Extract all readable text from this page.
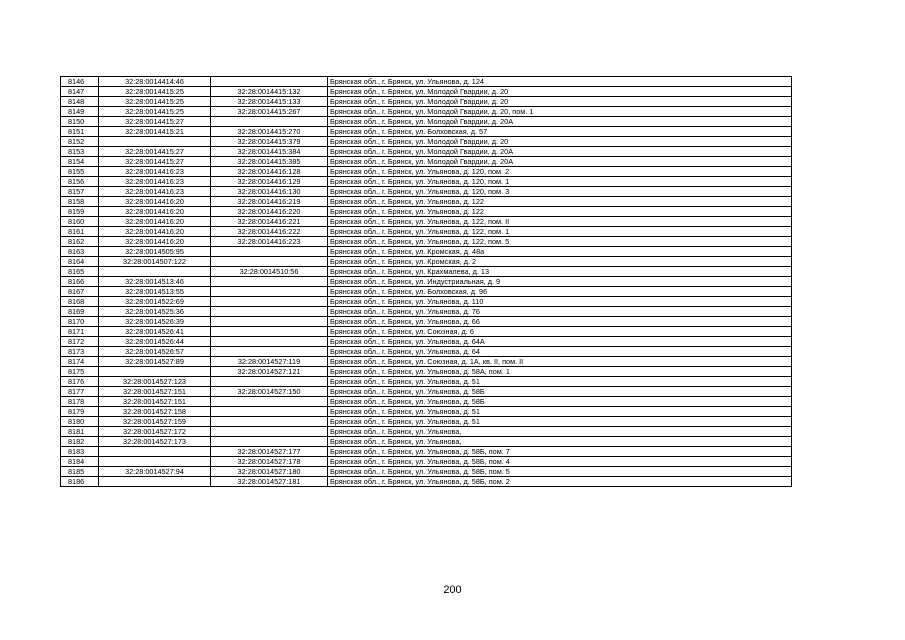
8146	32:28:0014414:46		Брянская обл., г. Брянск, ул. Ульянова, д. 124
8147	32:28:0014415:25	32:28:0014415:132	Брянская обл., г. Брянск, ул. Молодой Гвардии, д. 20
8148	32:28:0014415:25	32:28:0014415:133	Брянская обл., г. Брянск, ул. Молодой Гвардии, д. 20
8149	32:28:0014415:25	32:28:0014415:267	Брянская обл., г. Брянск, ул. Молодой Гвардии, д. 20, пом. 1
8150	32:28:0014415:27		Брянская обл., г. Брянск, ул. Молодой Гвардии, д. 20А
8151	32:28:0014415:21	32:28:0014415:270	Брянская обл., г. Брянск, ул. Болховская, д. 57
8152		32:28:0014415:379	Брянская обл., г. Брянск, ул. Молодой Гвардии, д. 20
8153	32:28:0014415:27	32:28:0014415:384	Брянская обл., г. Брянск, ул. Молодой Гвардии, д. 20А
8154	32:28:0014415:27	32:28:0014415:385	Брянская обл., г. Брянск, ул. Молодой Гвардии, д. 20А
8155	32:28:0014416:23	32:28:0014416:128	Брянская обл., г. Брянск, ул. Ульянова, д. 120, пом. 2
8156	32:28:0014416:23	32:28:0014416:129	Брянская обл., г. Брянск, ул. Ульянова, д. 120, пом. 1
8157	32:28:0014416:23	32:28:0014416:130	Брянская обл., г. Брянск, ул. Ульянова, д. 120, пом. 3
8158	32:28:0014416:20	32:28:0014416:219	Брянская обл., г. Брянск, ул. Ульянова, д. 122
8159	32:28:0014416:20	32:28:0014416:220	Брянская обл., г. Брянск, ул. Ульянова, д. 122
8160	32:28:0014416:20	32:28:0014416:221	Брянская обл., г. Брянск, ул. Ульянова, д. 122, пом. II
8161	32:28:0014416:20	32:28:0014416:222	Брянская обл., г. Брянск, ул. Ульянова, д. 122, пом. 1
8162	32:28:0014416:20	32:28:0014416:223	Брянская обл., г. Брянск, ул. Ульянова, д. 122, пом. 5
8163	32:28:0014505:95		Брянская обл., г. Брянск, ул. Кромская, д. 48а
8164	32:28:0014507:122		Брянская обл., г. Брянск, ул. Кромская, д. 2
8165		32:28:0014510:56	Брянская обл., г. Брянск, ул. Крахмалева, д. 13
8166	32:28:0014513:46		Брянская обл., г. Брянск, ул. Индустриальная, д. 9
8167	32:28:0014513:55		Брянская обл., г. Брянск, ул. Болховская, д. 96
8168	32:28:0014522:69		Брянская обл., г. Брянск, ул. Ульянова, д. 110
8169	32:28:0014525:36		Брянская обл., г. Брянск, ул. Ульянова, д. 76
8170	32:28:0014526:39		Брянская обл., г. Брянск, ул. Ульянова, д. 66
8171	32:28:0014526:41		Брянская обл., г. Брянск, ул. Союзная, д. 6
8172	32:28:0014526:44		Брянская обл., г. Брянск, ул. Ульянова, д. 64А
8173	32:28:0014526:57		Брянская обл., г. Брянск, ул. Ульянова, д. 64
8174	32:28:0014527:89	32:28:0014527:119	Брянская обл., г. Брянск, ул. Союзная, д. 1А, кв. II, пом. II
8175		32:28:0014527:121	Брянская обл., г. Брянск, ул. Ульянова, д. 58А, пом. 1
8176	32:28:0014527:123		Брянская обл., г. Брянск, ул. Ульянова, д. 51
8177	32:28:0014527:151	32:28:0014527:150	Брянская обл., г. Брянск, ул. Ульянова, д. 58Б
8178	32:28:0014527:151		Брянская обл., г. Брянск, ул. Ульянова, д. 58Б
8179	32:28:0014527:158		Брянская обл., г. Брянск, ул. Ульянова, д. 51
8180	32:28:0014527:159		Брянская обл., г. Брянск, ул. Ульянова, д. 51
8181	32:28:0014527:172		Брянская обл., г. Брянск, ул. Ульянова,
8182	32:28:0014527:173		Брянская обл., г. Брянск, ул. Ульянова,
8183		32:28:0014527:177	Брянская обл., г. Брянск, ул. Ульянова, д. 58Б, пом. 7
8184		32:28:0014527:178	Брянская обл., г. Брянск, ул. Ульянова, д. 58Б, пом. 4
8185	32:28:0014527:94	32:28:0014527:180	Брянская обл., г. Брянск, ул. Ульянова, д. 58Б, пом. 5
8186		32:28:0014527:181	Брянская обл., г. Брянск, ул. Ульянова, д. 58Б, пом. 2
200
